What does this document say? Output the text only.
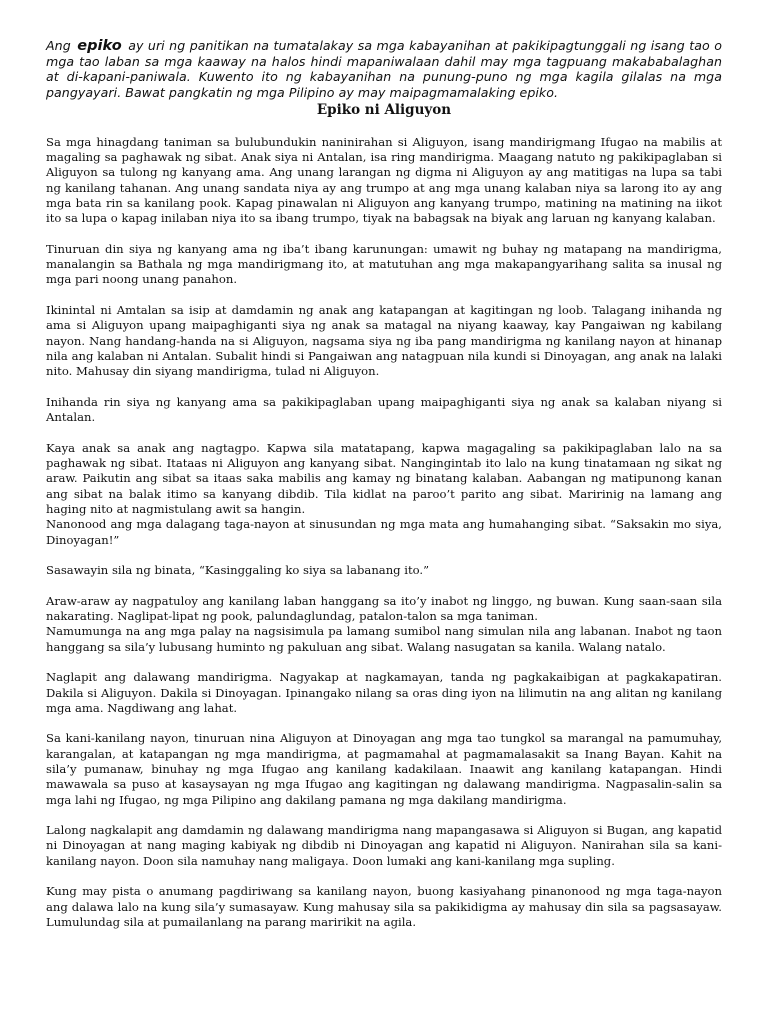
Ang epiko ay uri ng panitikan na tumatalakay sa mga kabayanihan at pakikipagtunggali ng isang tao o mga tao laban sa mga kaaway na halos hindi mapaniwalaan dahil may mga tagpuang makababalaghan at di-kapani-paniwala. Kuwento ito ng kabayanihan na punung-puno ng mga kagila gilalas na mga pangyayari. Bawat pangkatin ng mga Pilipino ay may maipagmamalaking epiko.

Epiko ni Aliguyon

Sa mga hinagdang taniman sa bulubundukin naninirahan si Aliguyon, isang mandirigmang Ifugao na mabilis at magaling sa paghawak ng sibat. Anak siya ni Antalan, isa ring mandirigma. Maagang natuto ng pakikipaglaban si Aliguyon sa tulong ng kanyang ama. Ang unang larangan ng digma ni Aliguyon ay ang matitigas na lupa sa tabi ng kanilang tahanan. Ang unang sandata niya ay ang trumpo at ang mga unang kalaban niya sa larong ito ay ang mga bata rin sa kanilang pook. Kapag pinawalan ni Aliguyon ang kanyang trumpo, matining na matining na iikot ito sa lupa o kapag inilaban niya ito sa ibang trumpo, tiyak na babagsak na biyak ang laruan ng kanyang kalaban.

Tinuruan din siya ng kanyang ama ng iba’t ibang karunungan: umawit ng buhay ng matapang na mandirigma, manalangin sa Bathala ng mga mandirigmang ito, at matutuhan ang mga makapangyarihang salita sa inusal ng mga pari noong unang panahon.

Ikinintal ni Amtalan sa isip at damdamin ng anak ang katapangan at kagitingan ng loob. Talagang inihanda ng ama si Aliguyon upang maipaghiganti siya ng anak sa matagal na niyang kaaway, kay Pangaiwan ng kabilang nayon. Nang handang-handa na si Aliguyon, nagsama siya ng iba pang mandirigma ng kanilang nayon at hinanap nila ang kalaban ni Antalan. Subalit hindi si Pangaiwan ang natagpuan nila kundi si Dinoyagan, ang anak na lalaki nito. Mahusay din siyang mandirigma, tulad ni Aliguyon.

Inihanda rin siya ng kanyang ama sa pakikipaglaban upang maipaghiganti siya ng anak sa kalaban niyang si Antalan.

Kaya anak sa anak ang nagtagpo. Kapwa sila matatapang, kapwa magagaling sa pakikipaglaban lalo na sa paghawak ng sibat. Itataas ni Aliguyon ang kanyang sibat. Nangingintab ito lalo na kung tinatamaan ng sikat ng araw. Paikutin ang sibat sa itaas saka mabilis ang kamay ng binatang kalaban. Aabangan ng matipunong kanan ang sibat na balak itimo sa kanyang dibdib. Tila kidlat na paroo’t parito ang sibat. Maririnig na lamang ang haging nito at nagmistulang awit sa hangin.

Nanonood ang mga dalagang taga-nayon at sinusundan ng mga mata ang humahanging sibat. “Saksakin mo siya, Dinoyagan!”

Sasawayin sila ng binata, “Kasinggaling ko siya sa labanang ito.”

Araw-araw ay nagpatuloy ang kanilang laban hanggang sa ito’y inabot ng linggo, ng buwan. Kung saan-saan sila nakarating. Naglipat-lipat ng pook, palundaglundag, patalon-talon sa mga taniman.

Namumunga na ang mga palay na nagsisimula pa lamang sumibol nang simulan nila ang labanan. Inabot ng taon hanggang sa sila’y lubusang huminto ng pakuluan ang sibat. Walang nasugatan sa kanila. Walang natalo.

Naglapit ang dalawang mandirigma. Nagyakap at nagkamayan, tanda ng pagkakaibigan at pagkakapatiran. Dakila si Aliguyon. Dakila si Dinoyagan. Ipinangako nilang sa oras ding iyon na lilimutin na ang alitan ng kanilang mga ama. Nagdiwang ang lahat.

Sa kani-kanilang nayon, tinuruan nina Aliguyon at Dinoyagan ang mga tao tungkol sa marangal na pamumuhay, karangalan, at katapangan ng mga mandirigma, at pagmamahal at pagmamalasakit sa Inang Bayan. Kahit na sila’y pumanaw, binuhay ng mga Ifugao ang kanilang kadakilaan. Inaawit ang kanilang katapangan. Hindi mawawala sa puso at kasaysayan ng mga Ifugao ang kagitingan ng dalawang mandirigma. Nagpasalin-salin sa mga lahi ng Ifugao, ng mga Pilipino ang dakilang pamana ng mga dakilang mandirigma.

Lalong nagkalapit ang damdamin ng dalawang mandirigma nang mapangasawa si Aliguyon si Bugan, ang kapatid ni Dinoyagan at nang maging kabiyak ng dibdib ni Dinoyagan ang kapatid ni Aliguyon. Nanirahan sila sa kani-kanilang nayon. Doon sila namuhay nang maligaya. Doon lumaki ang kani-kanilang mga supling.

Kung may pista o anumang pagdiriwang sa kanilang nayon, buong kasiyahang pinanonood ng mga taga-nayon ang dalawa lalo na kung sila’y sumasayaw. Kung mahusay sila sa pakikidigma ay mahusay din sila sa pagsasayaw. Lumulundag sila at pumailanlang na parang maririkit na agila.
